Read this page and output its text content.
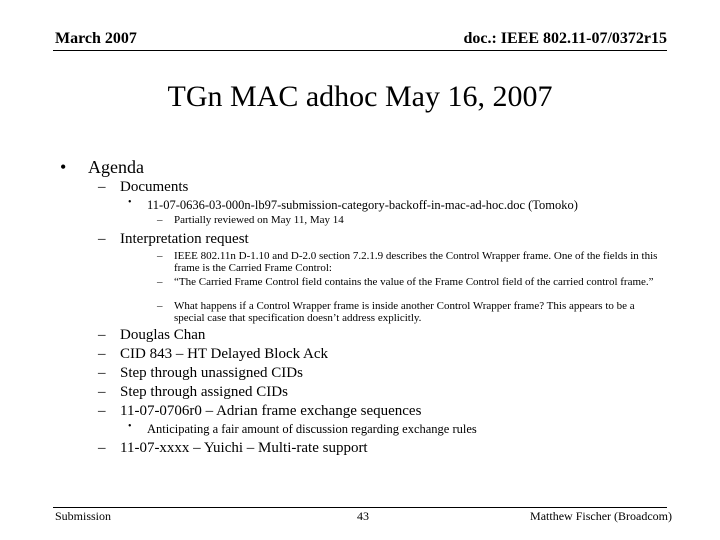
March 2007	doc.: IEEE 802.11-07/0372r15
TGn MAC adhoc May 16, 2007
• Agenda
– Documents
• 11-07-0636-03-000n-lb97-submission-category-backoff-in-mac-ad-hoc.doc (Tomoko)
– Partially reviewed on May 11, May 14
– Interpretation request
– IEEE 802.11n D-1.10 and D-2.0 section 7.2.1.9 describes the Control Wrapper frame. One of the fields in this frame is the Carried Frame Control:
– “The Carried Frame Control field contains the value of the Frame Control field of the carried control frame.”
– What happens if a Control Wrapper frame is inside another Control Wrapper frame? This appears to be a special case that specification doesn’t address explicitly.
– Douglas Chan
– CID 843 – HT Delayed Block Ack
– Step through unassigned CIDs
– Step through assigned CIDs
– 11-07-0706r0 – Adrian frame exchange sequences
• Anticipating a fair amount of discussion regarding exchange rules
– 11-07-xxxx – Yuichi – Multi-rate support
Submission	43	Matthew Fischer (Broadcom)
